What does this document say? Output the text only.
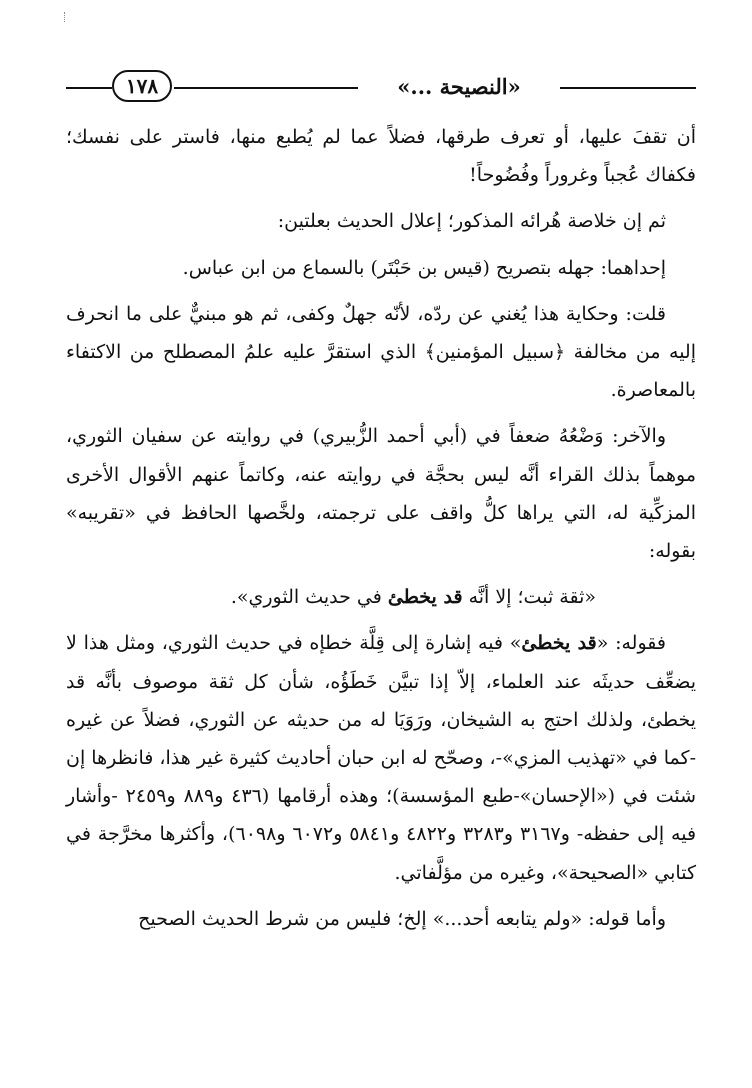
١٧٨	«النصيحة ...»

أن تقفَ عليها، أو تعرف طرقها، فضلاً عما لم يُطبع منها، فاستر على نفسك؛ فكفاك عُجباً وغروراً وفُضُوحاً!

ثم إن خلاصة هُرائه المذكور؛ إعلال الحديث بعلتين:

إحداهما: جهله بتصريح (قيس بن حَبْتَر) بالسماع من ابن عباس.

قلت: وحكاية هذا يُغني عن ردّه، لأنّه جهلٌ وكفى، ثم هو مبنيٌّ على ما انحرف إليه من مخالفة ﴿سبيل المؤمنين﴾ الذي استقرَّ عليه علمُ المصطلح من الاكتفاء بالمعاصرة.

والآخر: وَضْعُهُ ضعفاً في (أبي أحمد الزُّبيري) في روايته عن سفيان الثوري، موهماً بذلك القراء أنَّه ليس بحجَّة في روايته عنه، وكاتماً عنهم الأقوال الأخرى المزكِّية له، التي يراها كلُّ واقف على ترجمته، ولخَّصها الحافظ في «تقريبه» بقوله:

«ثقة ثبت؛ إلا أنَّه قد يخطئ في حديث الثوري».

فقوله: «قد يخطئ» فيه إشارة إلى قِلَّة خطإه في حديث الثوري، ومثل هذا لا يضعِّف حديثَه عند العلماء، إلاّ إذا تبيَّن خَطَؤُه، شأن كل ثقة موصوف بأنَّه قد يخطئ، ولذلك احتج به الشيخان، ورَوَيَا له من حديثه عن الثوري، فضلاً عن غيره -كما في «تهذيب المزي»-، وصحّح له ابن حبان أحاديث كثيرة غير هذا، فانظرها إن شئت في («الإحسان»-طبع المؤسسة)؛ وهذه أرقامها (٤٣٦ و٨٨٩ و٢٤٥٩ -وأشار فيه إلى حفظه- و٣١٦٧ و٣٢٨٣ و٤٨٢٢ و٥٨٤١ و٦٠٧٢ و٦٠٩٨)، وأكثرها مخرَّجة في كتابي «الصحيحة»، وغيره من مؤلَّفاتي.

وأما قوله: «ولم يتابعه أحد...» إلخ؛ فليس من شرط الحديث الصحيح
